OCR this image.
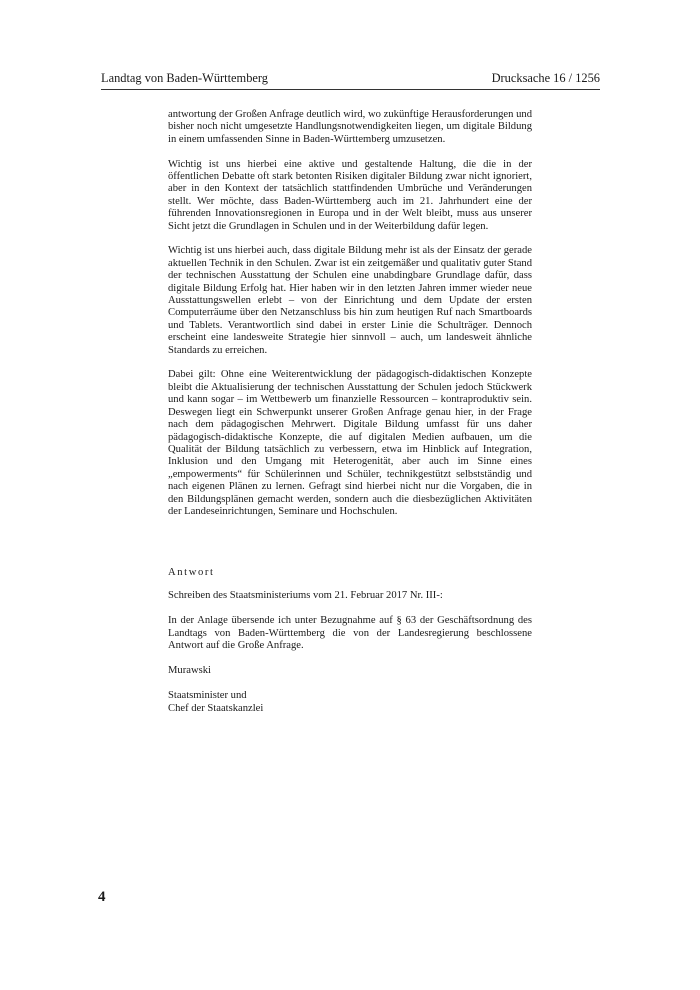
Landtag von Baden-Württemberg	Drucksache 16 / 1256

antwortung der Großen Anfrage deutlich wird, wo zukünftige Herausforderungen und bisher noch nicht umgesetzte Handlungsnotwendigkeiten liegen, um digitale Bildung in einem umfassenden Sinne in Baden-Württemberg umzusetzen.

Wichtig ist uns hierbei eine aktive und gestaltende Haltung, die die in der öffentlichen Debatte oft stark betonten Risiken digitaler Bildung zwar nicht ignoriert, aber in den Kontext der tatsächlich stattfindenden Umbrüche und Veränderungen stellt. Wer möchte, dass Baden-Württemberg auch im 21. Jahrhundert eine der führenden Innovationsregionen in Europa und in der Welt bleibt, muss aus unserer Sicht jetzt die Grundlagen in Schulen und in der Weiterbildung dafür legen.

Wichtig ist uns hierbei auch, dass digitale Bildung mehr ist als der Einsatz der gerade aktuellen Technik in den Schulen. Zwar ist ein zeitgemäßer und qualitativ guter Stand der technischen Ausstattung der Schulen eine unabdingbare Grundlage dafür, dass digitale Bildung Erfolg hat. Hier haben wir in den letzten Jahren immer wieder neue Ausstattungswellen erlebt – von der Einrichtung und dem Update der ersten Computerräume über den Netzanschluss bis hin zum heutigen Ruf nach Smartboards und Tablets. Verantwortlich sind dabei in erster Linie die Schulträger. Dennoch erscheint eine landesweite Strategie hier sinnvoll – auch, um landesweit ähnliche Standards zu erreichen.

Dabei gilt: Ohne eine Weiterentwicklung der pädagogisch-didaktischen Konzepte bleibt die Aktualisierung der technischen Ausstattung der Schulen jedoch Stückwerk und kann sogar – im Wettbewerb um finanzielle Ressourcen – kontraproduktiv sein. Deswegen liegt ein Schwerpunkt unserer Großen Anfrage genau hier, in der Frage nach dem pädagogischen Mehrwert. Digitale Bildung umfasst für uns daher pädagogisch-didaktische Konzepte, die auf digitalen Medien aufbauen, um die Qualität der Bildung tatsächlich zu verbessern, etwa im Hinblick auf Integration, Inklusion und den Umgang mit Heterogenität, aber auch im Sinne eines „empowerments“ für Schülerinnen und Schüler, technikgestützt selbstständig und nach eigenen Plänen zu lernen. Gefragt sind hierbei nicht nur die Vorgaben, die in den Bildungsplänen gemacht werden, sondern auch die diesbezüglichen Aktivitäten der Landeseinrichtungen, Seminare und Hochschulen.

Antwort

Schreiben des Staatsministeriums vom 21. Februar 2017 Nr. III-:

In der Anlage übersende ich unter Bezugnahme auf § 63 der Geschäftsordnung des Landtags von Baden-Württemberg die von der Landesregierung beschlossene Antwort auf die Große Anfrage.

Murawski

Staatsminister und

Chef der Staatskanzlei

4
